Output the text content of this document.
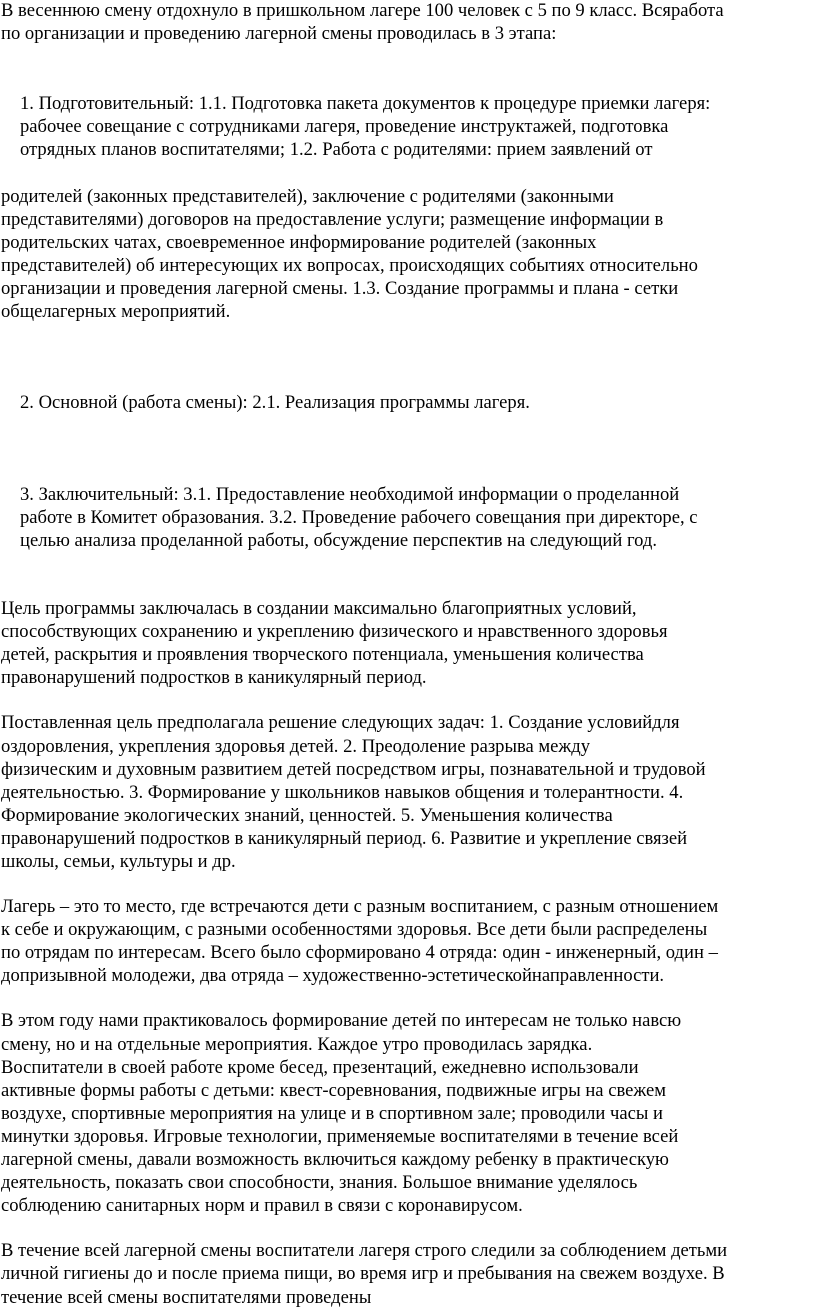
В весеннюю смену отдохнуло в пришкольном лагере 100 человек с 5 по 9 класс. Всяработа
по организации и проведению лагерной смены проводилась в 3 этапа:

1. Подготовительный: 1.1. Подготовка пакета документов к процедуре приемки лагеря:
рабочее совещание с сотрудниками лагеря, проведение инструктажей, подготовка
отрядных планов воспитателями; 1.2. Работа с родителями: прием заявлений от

родителей (законных представителей), заключение с родителями (законными
представителями) договоров на предоставление услуги; размещение информации в
родительских чатах, своевременное информирование родителей (законных
представителей) об интересующих их вопросах, происходящих событиях относительно
организации и проведения лагерной смены. 1.3. Создание программы и плана - сетки
общелагерных мероприятий.

2. Основной (работа смены): 2.1. Реализация программы лагеря.

3. Заключительный: 3.1. Предоставление необходимой информации о проделанной
работе в Комитет образования. 3.2. Проведение рабочего совещания при директоре, с
целью анализа проделанной работы, обсуждение перспектив на следующий год.

Цель программы заключалась в создании максимально благоприятных условий,
способствующих сохранению и укреплению физического и нравственного здоровья
детей, раскрытия и проявления творческого потенциала, уменьшения количества
правонарушений подростков в каникулярный период.

Поставленная цель предполагала решение следующих задач: 1. Создание условийдля
оздоровления, укрепления здоровья детей. 2. Преодоление разрыва между
физическим и духовным развитием детей посредством игры, познавательной и трудовой
деятельностью. 3. Формирование у школьников навыков общения и толерантности. 4.
Формирование экологических знаний, ценностей. 5. Уменьшения количества
правонарушений подростков в каникулярный период. 6. Развитие и укрепление связей
школы, семьи, культуры и др.

Лагерь – это то место, где встречаются дети с разным воспитанием, с разным отношением
к себе и окружающим, с разными особенностями здоровья. Все дети были распределены
по отрядам по интересам. Всего было сформировано 4 отряда: один - инженерный, один –
допризывной молодежи, два отряда – художественно-эстетическойнаправленности.

В этом году нами практиковалось формирование детей по интересам не только навсю
смену, но и на отдельные мероприятия. Каждое утро проводилась зарядка.
Воспитатели в своей работе кроме бесед, презентаций, ежедневно использовали
активные формы работы с детьми: квест-соревнования, подвижные игры на свежем
воздухе, спортивные мероприятия на улице и в спортивном зале; проводили часы и
минутки здоровья. Игровые технологии, применяемые воспитателями в течение всей
лагерной смены, давали возможность включиться каждому ребенку в практическую
деятельность, показать свои способности, знания. Большое внимание уделялось
соблюдению санитарных норм и правил в связи с коронавирусом.

В течение всей лагерной смены воспитатели лагеря строго следили за соблюдением детьми
личной гигиены до и после приема пищи, во время игр и пребывания на свежем воздухе. В
течение всей смены воспитателями проведены
